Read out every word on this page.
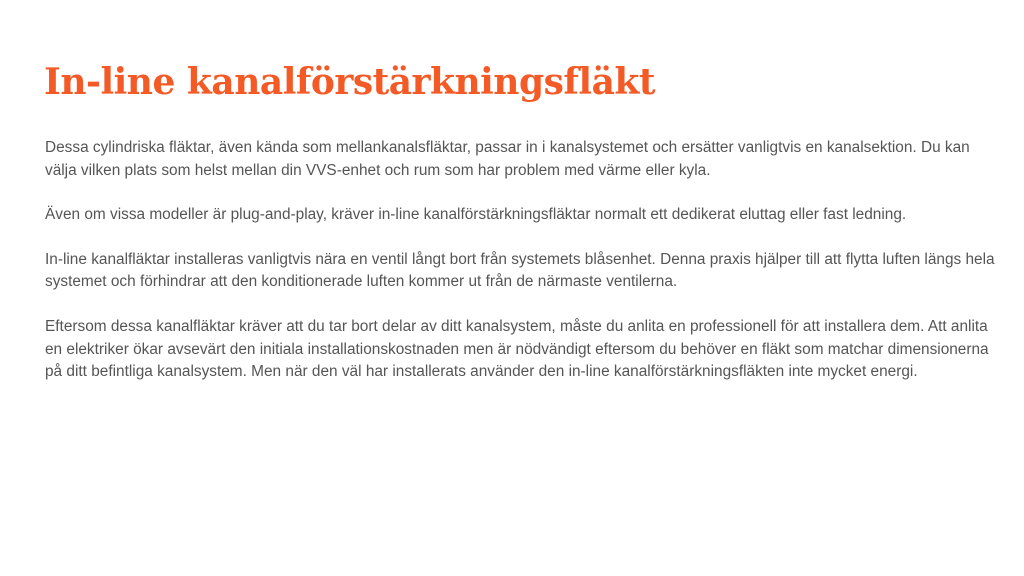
In-line kanalförstärkningsfläkt

Dessa cylindriska fläktar, även kända som mellankanalsfläktar, passar in i kanalsystemet och ersätter vanligtvis en kanalsektion. Du kan välja vilken plats som helst mellan din VVS-enhet och rum som har problem med värme eller kyla.

Även om vissa modeller är plug-and-play, kräver in-line kanalförstärkningsfläktar normalt ett dedikerat eluttag eller fast ledning.

In-line kanalfläktar installeras vanligtvis nära en ventil långt bort från systemets blåsenhet. Denna praxis hjälper till att flytta luften längs hela systemet och förhindrar att den konditionerade luften kommer ut från de närmaste ventilerna.

Eftersom dessa kanalfläktar kräver att du tar bort delar av ditt kanalsystem, måste du anlita en professionell för att installera dem. Att anlita en elektriker ökar avsevärt den initiala installationskostnaden men är nödvändigt eftersom du behöver en fläkt som matchar dimensionerna på ditt befintliga kanalsystem. Men när den väl har installerats använder den in-line kanalförstärkningsfläkten inte mycket energi.
